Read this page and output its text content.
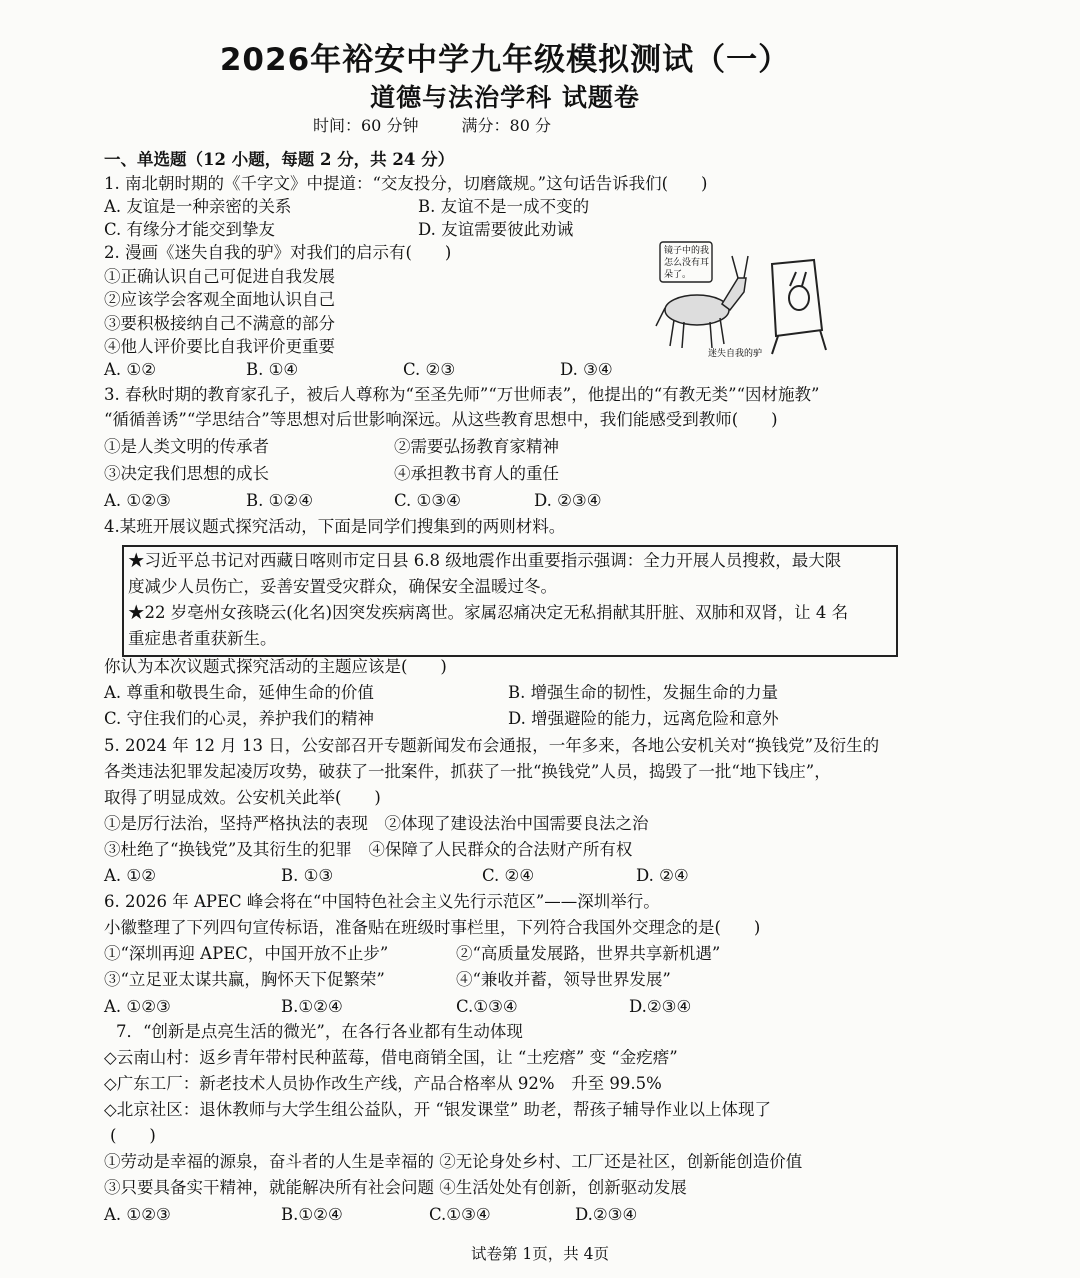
2026年裕安中学九年级模拟测试（一）
道德与法治学科 试题卷
时间：60 分钟	满分：80 分
一、单选题（12 小题，每题 2 分，共 24 分）
1. 南北朝时期的《千字文》中提道：“交友投分，切磨箴规。”这句话告诉我们(　　)
A. 友谊是一种亲密的关系	B. 友谊不是一成不变的
C. 有缘分才能交到挚友	D. 友谊需要彼此劝诫
2. 漫画《迷失自我的驴》对我们的启示有(　　)
①正确认识自己可促进自我发展
②应该学会客观全面地认识自己
③要积极接纳自己不满意的部分
④他人评价要比自我评价更重要
A. ①②	B. ①④	C. ②③	D. ③④
镜子中的我
怎么没有耳
朵了。
迷失自我的驴
3. 春秋时期的教育家孔子，被后人尊称为“至圣先师”“万世师表”，他提出的“有教无类”“因材施教”
“循循善诱”“学思结合”等思想对后世影响深远。从这些教育思想中，我们能感受到教师(　　)
①是人类文明的传承者	②需要弘扬教育家精神
③决定我们思想的成长	④承担教书育人的重任
A. ①②③	B. ①②④	C. ①③④	D. ②③④
4.某班开展议题式探究活动，下面是同学们搜集到的两则材料。
★习近平总书记对西藏日喀则市定日县 6.8 级地震作出重要指示强调：全力开展人员搜救，最大限
度减少人员伤亡，妥善安置受灾群众，确保安全温暖过冬。
★22 岁亳州女孩晓云(化名)因突发疾病离世。家属忍痛决定无私捐献其肝脏、双肺和双肾，让 4 名
重症患者重获新生。
你认为本次议题式探究活动的主题应该是(　　)
A. 尊重和敬畏生命，延伸生命的价值	B. 增强生命的韧性，发掘生命的力量
C. 守住我们的心灵，养护我们的精神	D. 增强避险的能力，远离危险和意外
5. 2024 年 12 月 13 日，公安部召开专题新闻发布会通报，一年多来，各地公安机关对“换钱党”及衍生的
各类违法犯罪发起凌厉攻势，破获了一批案件，抓获了一批“换钱党”人员，捣毁了一批“地下钱庄”，
取得了明显成效。公安机关此举(　　)
①是厉行法治，坚持严格执法的表现　②体现了建设法治中国需要良法之治
③杜绝了“换钱党”及其衍生的犯罪　④保障了人民群众的合法财产所有权
A. ①②	B. ①③	C. ②④	D. ②④
6. 2026 年 APEC 峰会将在“中国特色社会主义先行示范区”——深圳举行。
小徽整理了下列四句宣传标语，准备贴在班级时事栏里，下列符合我国外交理念的是(　　)
①“深圳再迎 APEC，中国开放不止步”	②“高质量发展路，世界共享新机遇”
③“立足亚太谋共赢，胸怀天下促繁荣”	④“兼收并蓄，领导世界发展”
A. ①②③	B.①②④	C.①③④	D.②③④
7．“创新是点亮生活的微光”，在各行各业都有生动体现
◇云南山村：返乡青年带村民种蓝莓，借电商销全国，让 “土疙瘩” 变 “金疙瘩”
◇广东工厂：新老技术人员协作改生产线，产品合格率从 92%　升至 99.5%
◇北京社区：退休教师与大学生组公益队，开 “银发课堂” 助老，帮孩子辅导作业以上体现了
(　　)
①劳动是幸福的源泉，奋斗者的人生是幸福的 ②无论身处乡村、工厂还是社区，创新能创造价值
③只要具备实干精神，就能解决所有社会问题 ④生活处处有创新，创新驱动发展
A. ①②③	B.①②④	C.①③④	D.②③④
试卷第 1页，共 4页
